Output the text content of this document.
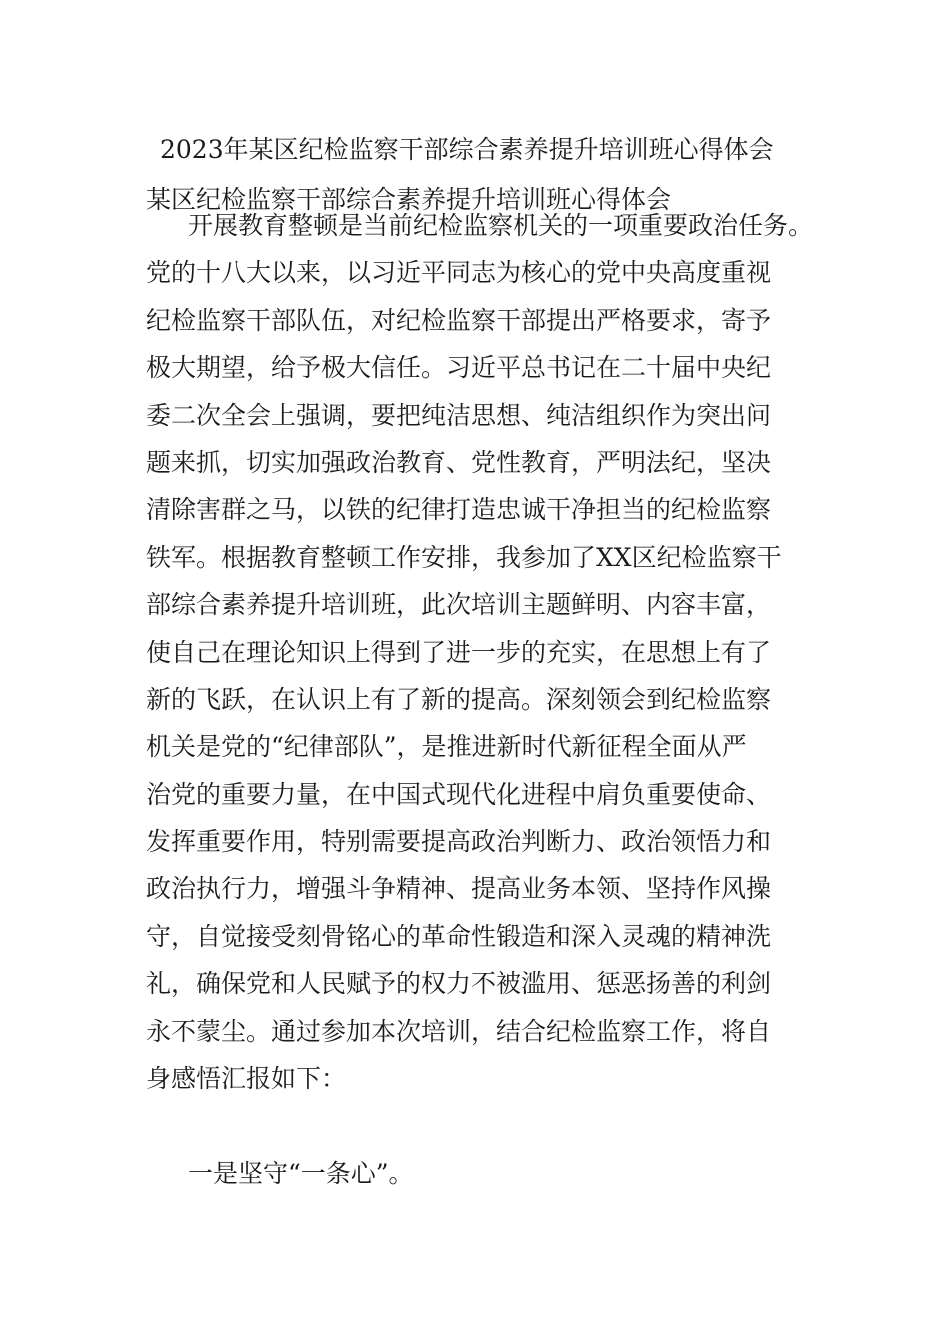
2023年某区纪检监察干部综合素养提升培训班心得体会
某区纪检监察干部综合素养提升培训班心得体会
开展教育整顿是当前纪检监察机关的一项重要政治任务。
党的十八大以来，以习近平同志为核心的党中央高度重视
纪检监察干部队伍，对纪检监察干部提出严格要求，寄予
极大期望，给予极大信任。习近平总书记在二十届中央纪
委二次全会上强调，要把纯洁思想、纯洁组织作为突出问
题来抓，切实加强政治教育、党性教育，严明法纪，坚决
清除害群之马，以铁的纪律打造忠诚干净担当的纪检监察
铁军。根据教育整顿工作安排，我参加了XX区纪检监察干
部综合素养提升培训班，此次培训主题鲜明、内容丰富，
使自己在理论知识上得到了进一步的充实，在思想上有了
新的飞跃，在认识上有了新的提高。深刻领会到纪检监察
机关是党的“纪律部队”，是推进新时代新征程全面从严
治党的重要力量，在中国式现代化进程中肩负重要使命、
发挥重要作用，特别需要提高政治判断力、政治领悟力和
政治执行力，增强斗争精神、提高业务本领、坚持作风操
守，自觉接受刻骨铭心的革命性锻造和深入灵魂的精神洗
礼，确保党和人民赋予的权力不被滥用、惩恶扬善的利剑
永不蒙尘。通过参加本次培训，结合纪检监察工作，将自
身感悟汇报如下：
一是坚守“一条心”。
